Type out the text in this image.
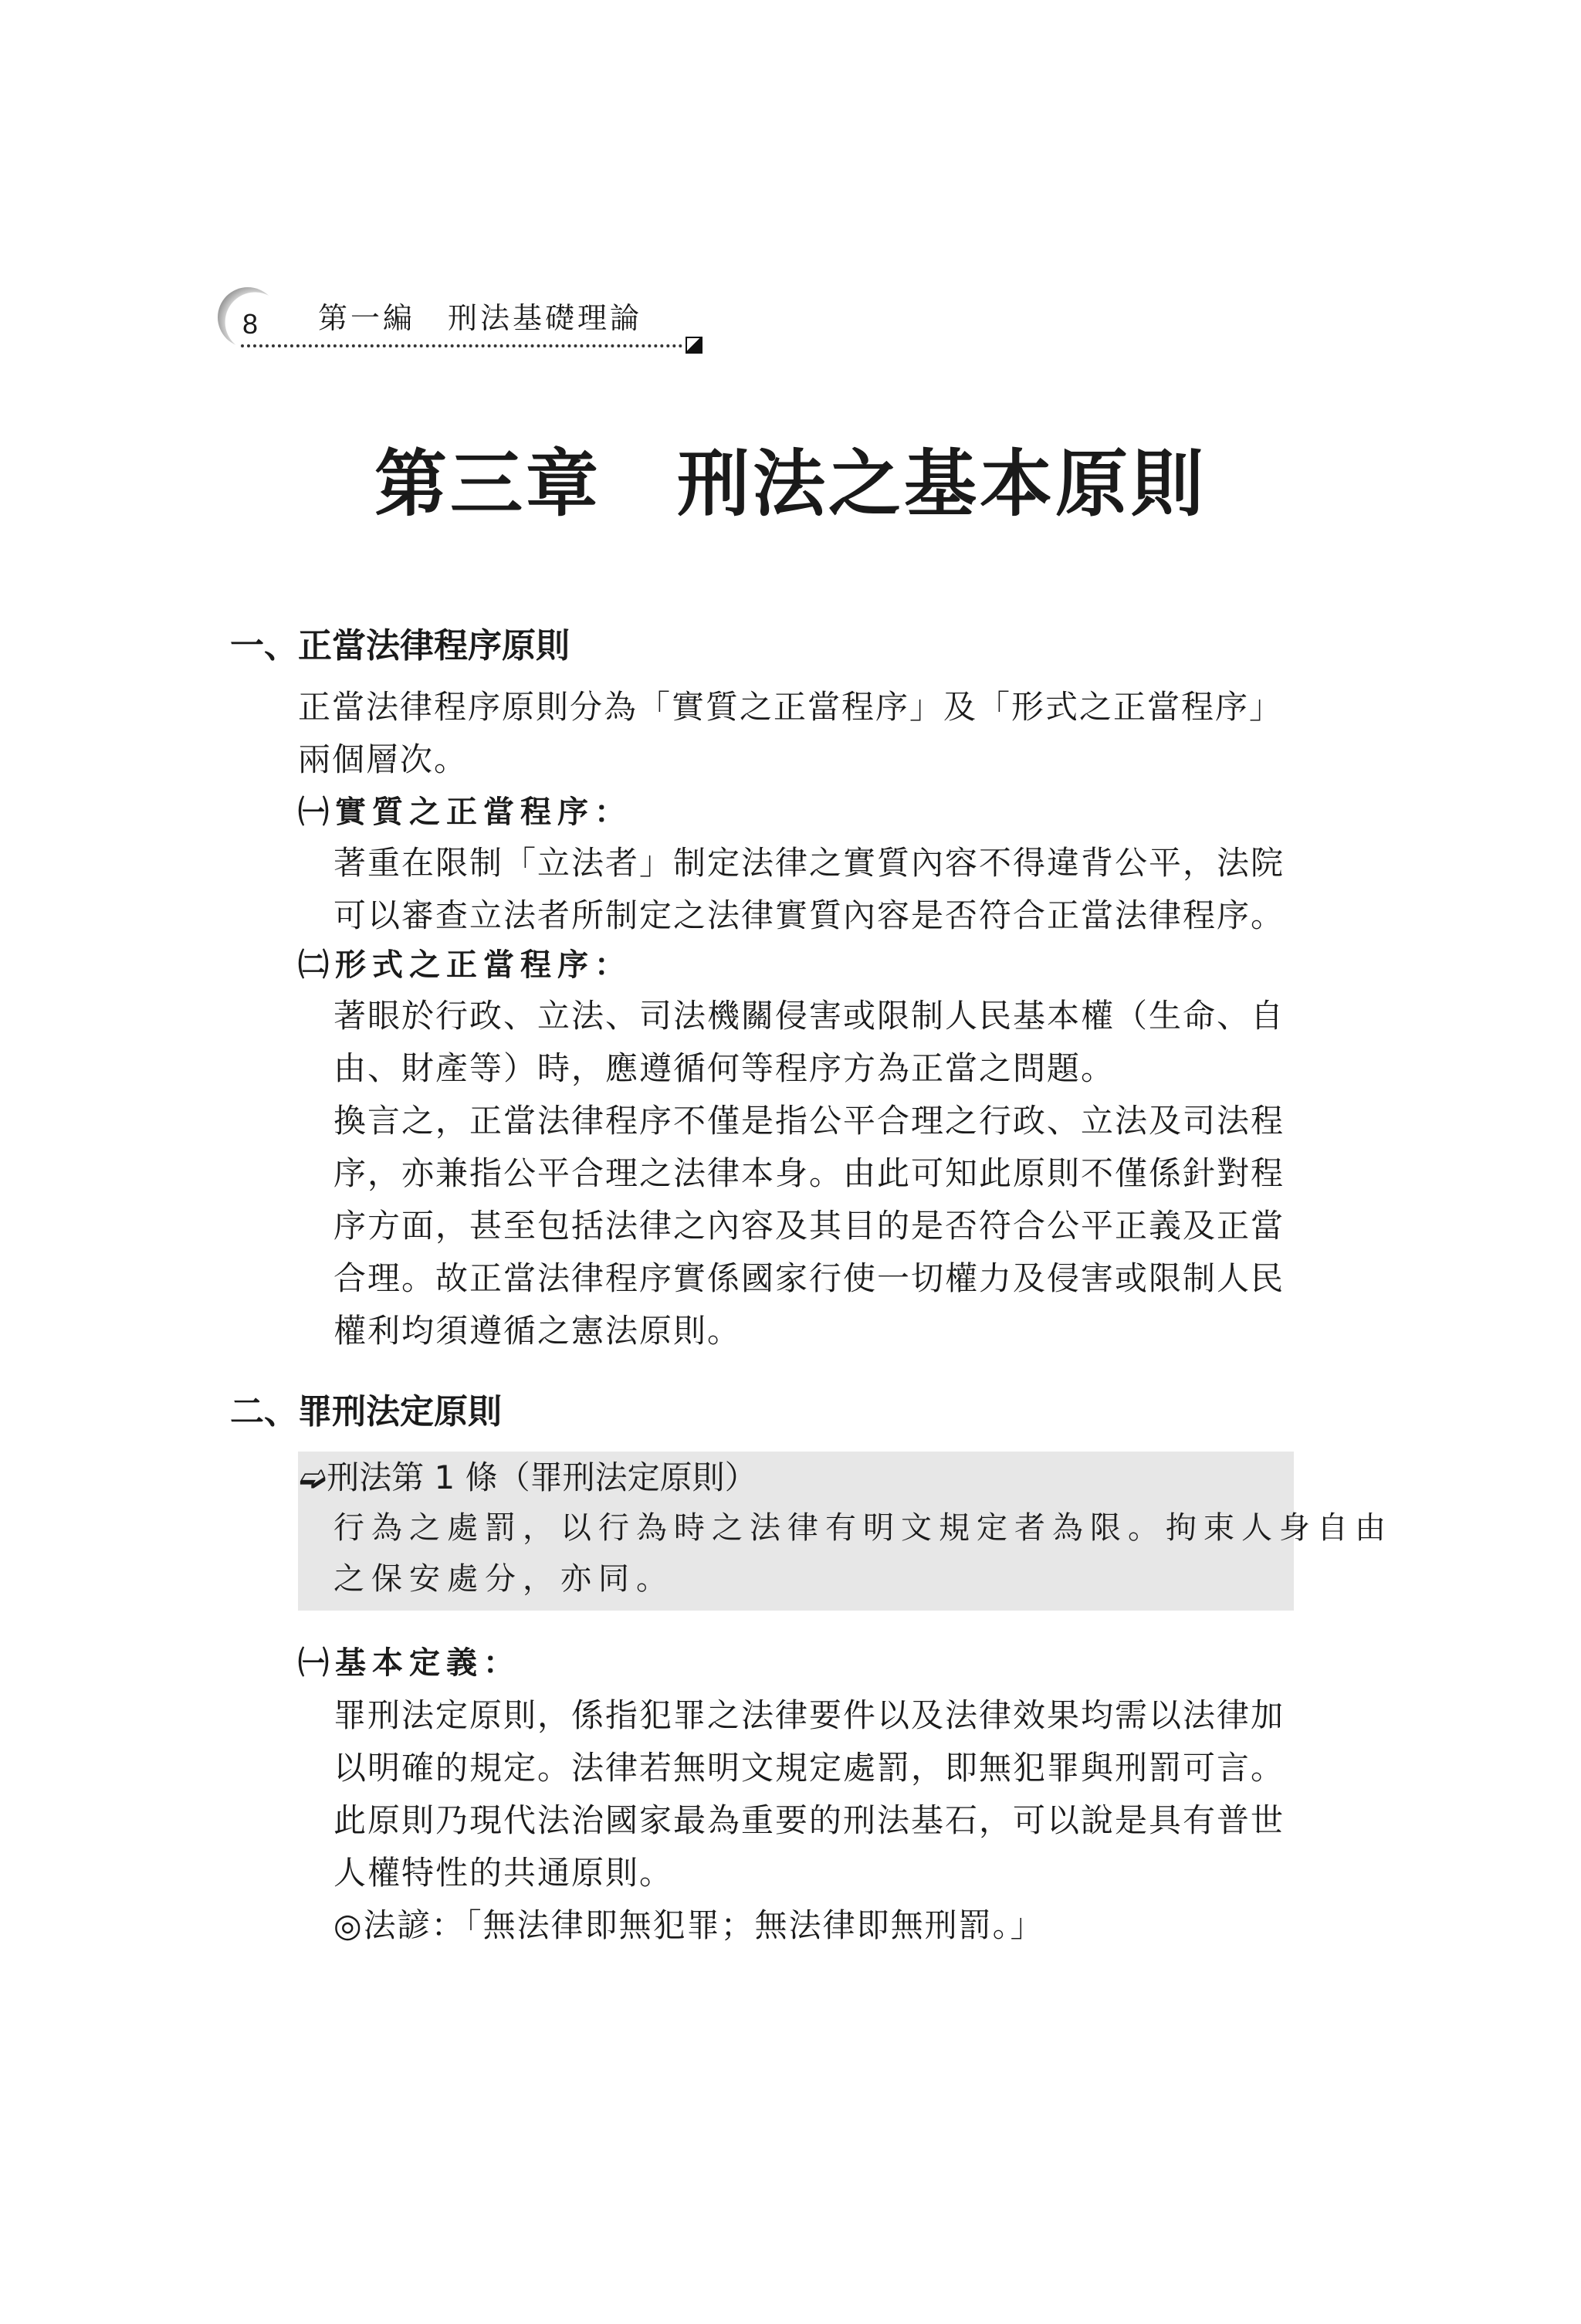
8 第一編　刑法基礎理論
第三章　刑法之基本原則
一、正當法律程序原則
正當法律程序原則分為「實質之正當程序」及「形式之正當程序」
兩個層次。
㈠實質之正當程序：
著重在限制「立法者」制定法律之實質內容不得違背公平，法院
可以審查立法者所制定之法律實質內容是否符合正當法律程序。
㈡形式之正當程序：
著眼於行政、立法、司法機關侵害或限制人民基本權（生命、自
由、財產等）時，應遵循何等程序方為正當之問題。
換言之，正當法律程序不僅是指公平合理之行政、立法及司法程
序，亦兼指公平合理之法律本身。由此可知此原則不僅係針對程
序方面，甚至包括法律之內容及其目的是否符合公平正義及正當
合理。故正當法律程序實係國家行使一切權力及侵害或限制人民
權利均須遵循之憲法原則。
二、罪刑法定原則
➫刑法第 1 條（罪刑法定原則）
行為之處罰，以行為時之法律有明文規定者為限。拘束人身自由
之保安處分，亦同。
㈠基本定義：
罪刑法定原則，係指犯罪之法律要件以及法律效果均需以法律加
以明確的規定。法律若無明文規定處罰，即無犯罪與刑罰可言。
此原則乃現代法治國家最為重要的刑法基石，可以說是具有普世
人權特性的共通原則。
◎法諺：「無法律即無犯罪；無法律即無刑罰。」
